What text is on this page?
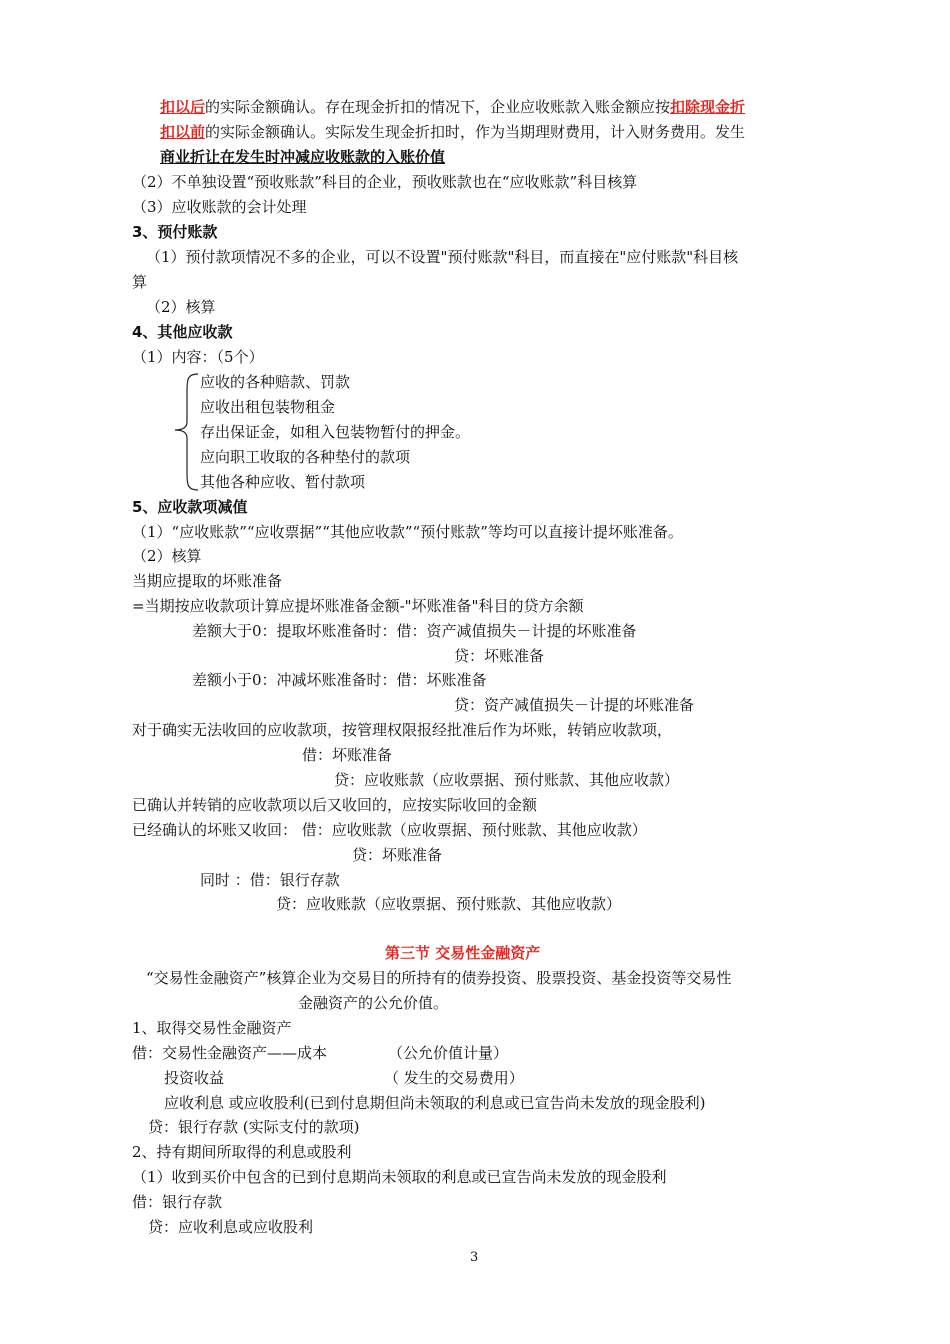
扣以后的实际金额确认。存在现金折扣的情况下，企业应收账款入账金额应按扣除现金折
扣以前的实际金额确认。实际发生现金折扣时，作为当期理财费用，计入财务费用。发生
商业折让在发生时冲减应收账款的入账价值
（2）不单独设置“预收账款”科目的企业，预收账款也在“应收账款”科目核算
（3）应收账款的会计处理
3、预付账款
（1）预付款项情况不多的企业，可以不设置"预付账款"科目，而直接在"应付账款"科目核
算
（2）核算
4、其他应收款
（1）内容：（5个）
应收的各种赔款、罚款
应收出租包装物租金
存出保证金，如租入包装物暂付的押金。
应向职工收取的各种垫付的款项
其他各种应收、暂付款项
5、应收款项减值
（1）“应收账款”“应收票据”“其他应收款”“预付账款”等均可以直接计提坏账准备。
（2）核算
当期应提取的坏账准备
=当期按应收款项计算应提坏账准备金额-"坏账准备"科目的贷方余额
差额大于0：提取坏账准备时：借：资产减值损失－计提的坏账准备
贷：坏账准备
差额小于0：冲减坏账准备时：借：坏账准备
贷：资产减值损失－计提的坏账准备
对于确实无法收回的应收款项，按管理权限报经批准后作为坏账，转销应收款项，
借：坏账准备
贷：应收账款（应收票据、预付账款、其他应收款）
已确认并转销的应收款项以后又收回的，应按实际收回的金额
已经确认的坏账又收回： 借：应收账款（应收票据、预付账款、其他应收款）
贷：坏账准备
同时 ：借：银行存款
贷：应收账款（应收票据、预付账款、其他应收款）
第三节 交易性金融资产
“交易性金融资产”核算企业为交易目的所持有的债券投资、股票投资、基金投资等交易性
金融资产的公允价值。
1、取得交易性金融资产
借：交易性金融资产——成本	（公允价值计量）
投资收益	（ 发生的交易费用）
应收利息 或应收股利(已到付息期但尚未领取的利息或已宣告尚未发放的现金股利)
贷：银行存款 (实际支付的款项)
2、持有期间所取得的利息或股利
（1）收到买价中包含的已到付息期尚未领取的利息或已宣告尚未发放的现金股利
借：银行存款
贷：应收利息或应收股利
3
